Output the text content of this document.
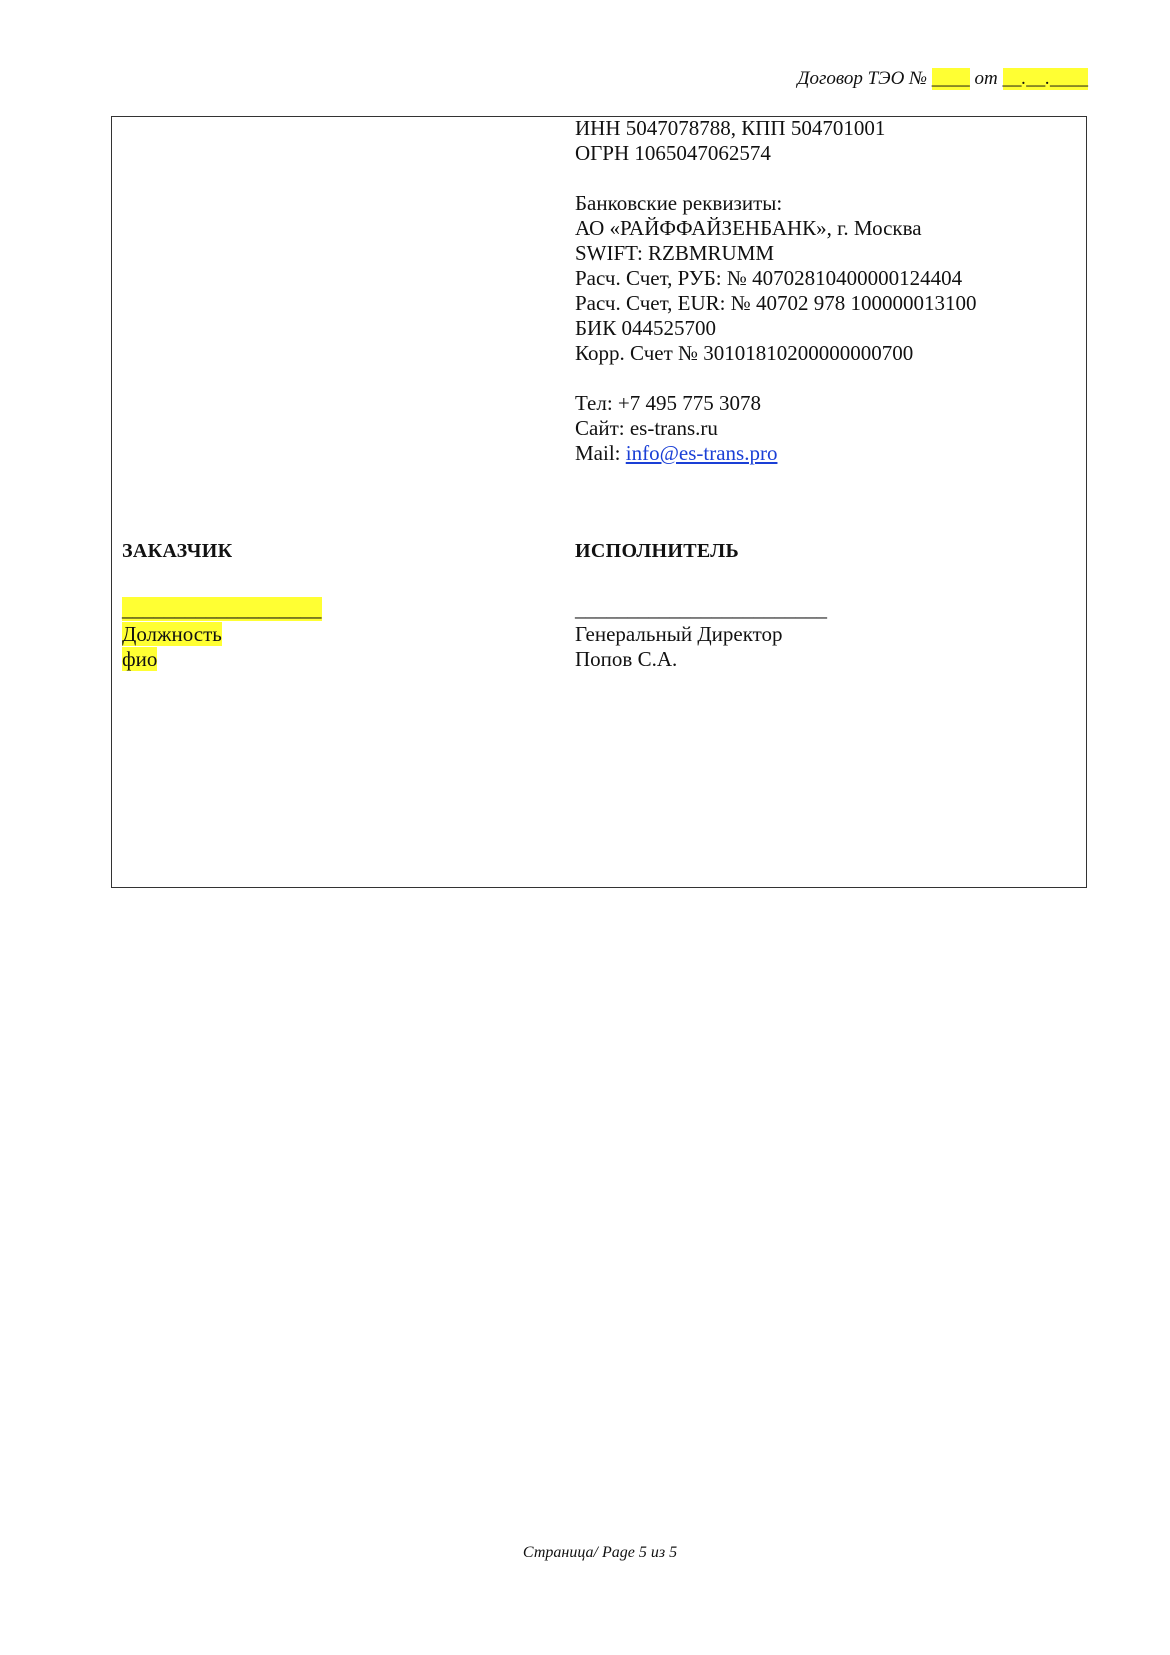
Договор ТЭО № ____ от __.__.____
ИНН 5047078788, КПП 504701001
ОГРН 1065047062574
Банковские реквизиты:
АО «РАЙФФАЙЗЕНБАНК», г. Москва
SWIFT: RZBMRUMM
Расч. Счет, РУБ: № 40702810400000124404
Расч. Счет, EUR: № 40702 978 100000013100
БИК 044525700
Корр. Счет № 30101810200000000700
Тел: +7 495 775 3078
Сайт: es-trans.ru
Mail: info@es-trans.pro
ЗАКАЗЧИК
___________________
Должность
фио
ИСПОЛНИТЕЛЬ
________________________
Генеральный Директор
Попов С.А.
Страница/ Page 5 из 5
